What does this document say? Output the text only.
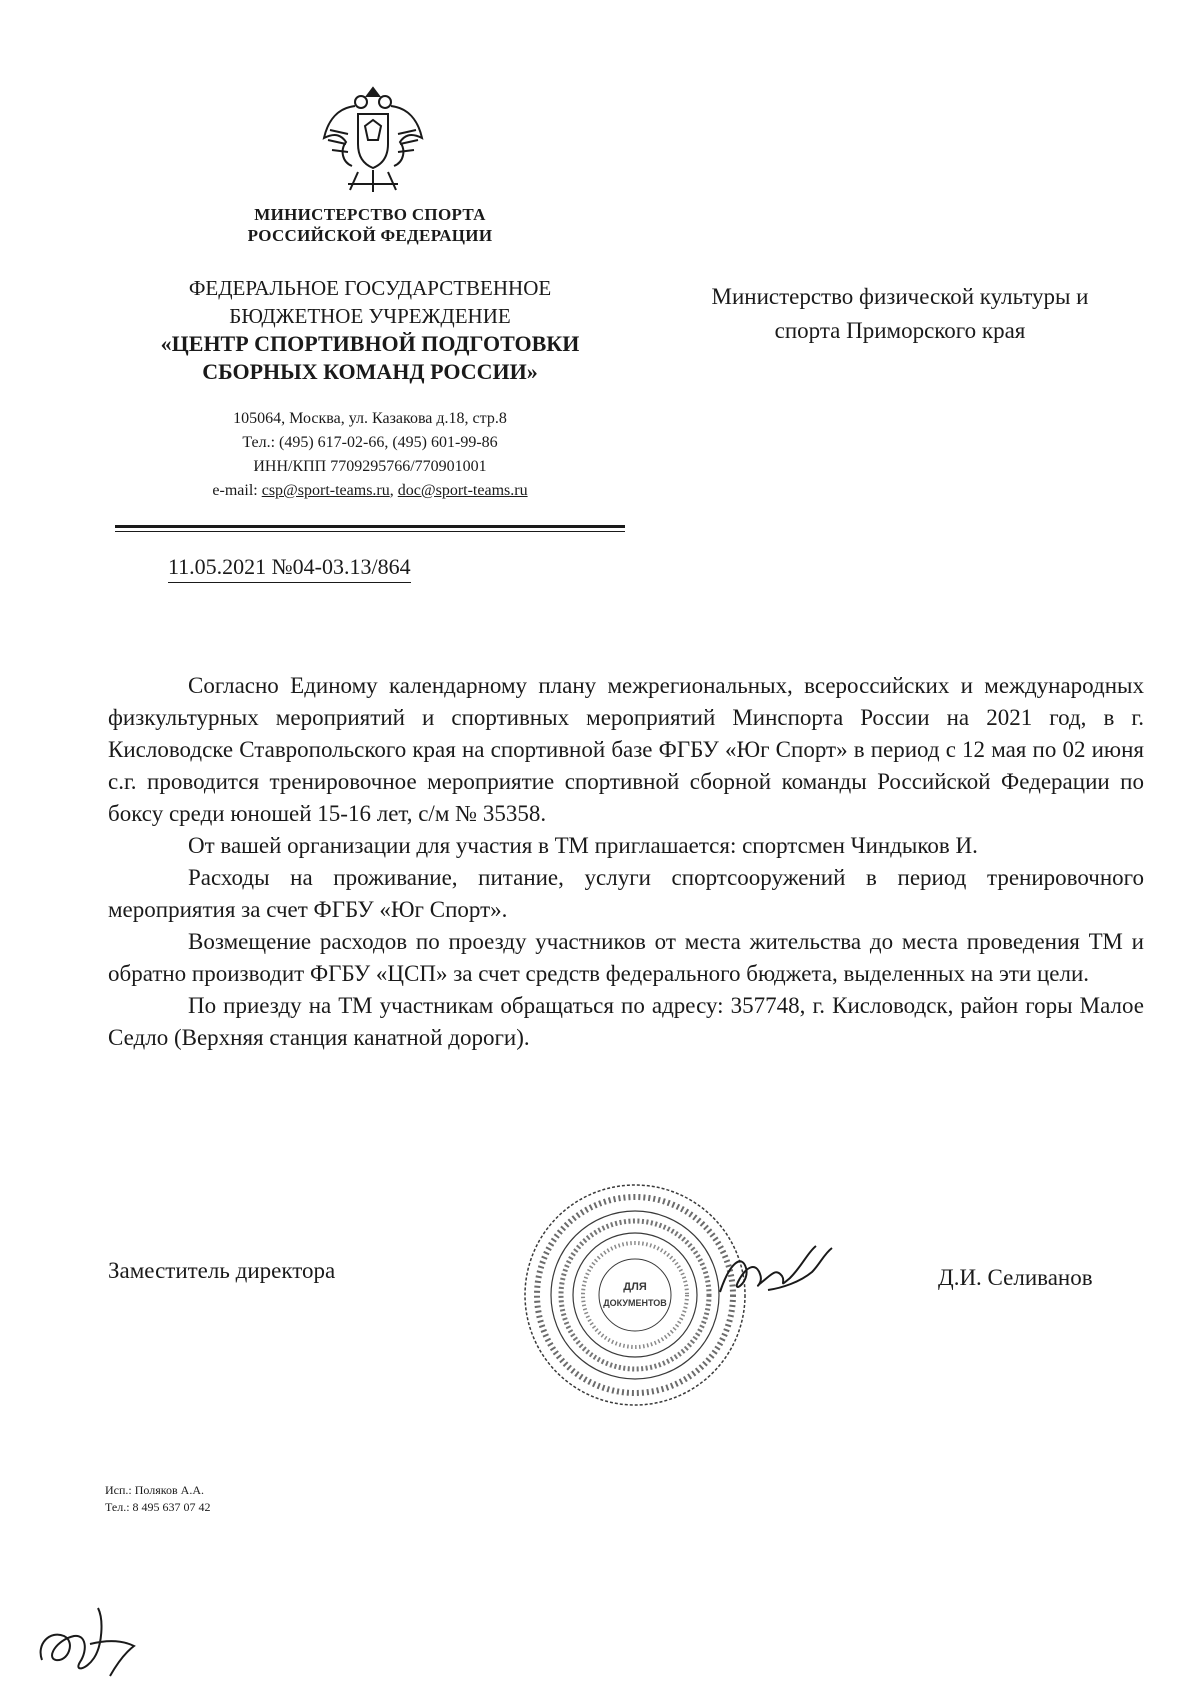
МИНИСТЕРСТВО СПОРТА
РОССИЙСКОЙ ФЕДЕРАЦИИ
ФЕДЕРАЛЬНОЕ ГОСУДАРСТВЕННОЕ
БЮДЖЕТНОЕ УЧРЕЖДЕНИЕ
«ЦЕНТР СПОРТИВНОЙ ПОДГОТОВКИ
СБОРНЫХ КОМАНД РОССИИ»
105064, Москва, ул. Казакова д.18, стр.8
Тел.: (495) 617-02-66, (495) 601-99-86
ИНН/КПП 7709295766/770901001
e-mail: csp@sport-teams.ru, doc@sport-teams.ru
11.05.2021 №04-03.13/864
Министерство физической культуры и
спорта Приморского края

Согласно Единому календарному плану межрегиональных, всероссийских и международных физкультурных мероприятий и спортивных мероприятий Минспорта России на 2021 год, в г. Кисловодске Ставропольского края на спортивной базе ФГБУ «Юг Спорт» в период с 12 мая по 02 июня с.г. проводится тренировочное мероприятие спортивной сборной команды Российской Федерации по боксу среди юношей 15-16 лет, с/м № 35358.

От вашей организации для участия в ТМ приглашается: спортсмен Чиндыков И.

Расходы на проживание, питание, услуги спортсооружений в период тренировочного мероприятия за счет ФГБУ «Юг Спорт».

Возмещение расходов по проезду участников от места жительства до места проведения ТМ и обратно производит ФГБУ «ЦСП» за счет средств федерального бюджета, выделенных на эти цели.

По приезду на ТМ участникам обращаться по адресу: 357748, г. Кисловодск, район горы Малое Седло (Верхняя станция канатной дороги).

Заместитель директора
ДЛЯ
ДОКУМЕНТОВ
Д.И. Селиванов
Исп.: Поляков А.А.
Тел.: 8 495 637 07 42
